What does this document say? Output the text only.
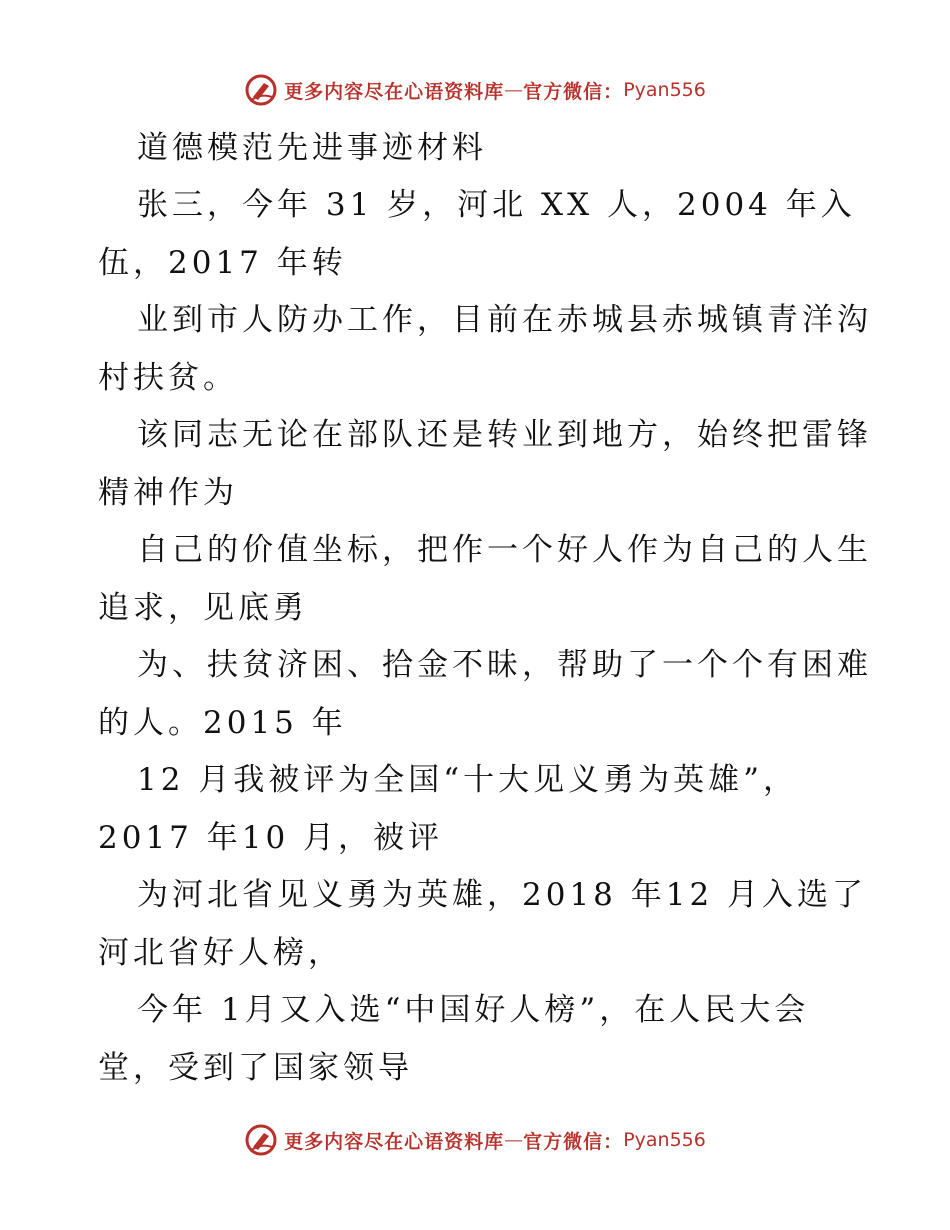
更多内容尽在心语资料库 — 官方微信： Pyan556
道德模范先进事迹材料
张三，今年 31 岁，河北 XX 人，2004 年入
伍，2017 年转
业到市人防办工作，目前在赤城县赤城镇青洋沟
村扶贫。
该同志无论在部队还是转业到地方，始终把雷锋
精神作为
自己的价值坐标，把作一个好人作为自己的人生
追求，见底勇
为、扶贫济困、拾金不昧，帮助了一个个有困难
的人。2015 年
12 月我被评为全国“十大见义勇为英雄”，
2017 年10 月，被评
为河北省见义勇为英雄，2018 年12 月入选了
河北省好人榜，
今年 1月又入选“中国好人榜”，在人民大会
堂，受到了国家领导
更多内容尽在心语资料库 — 官方微信： Pyan556
